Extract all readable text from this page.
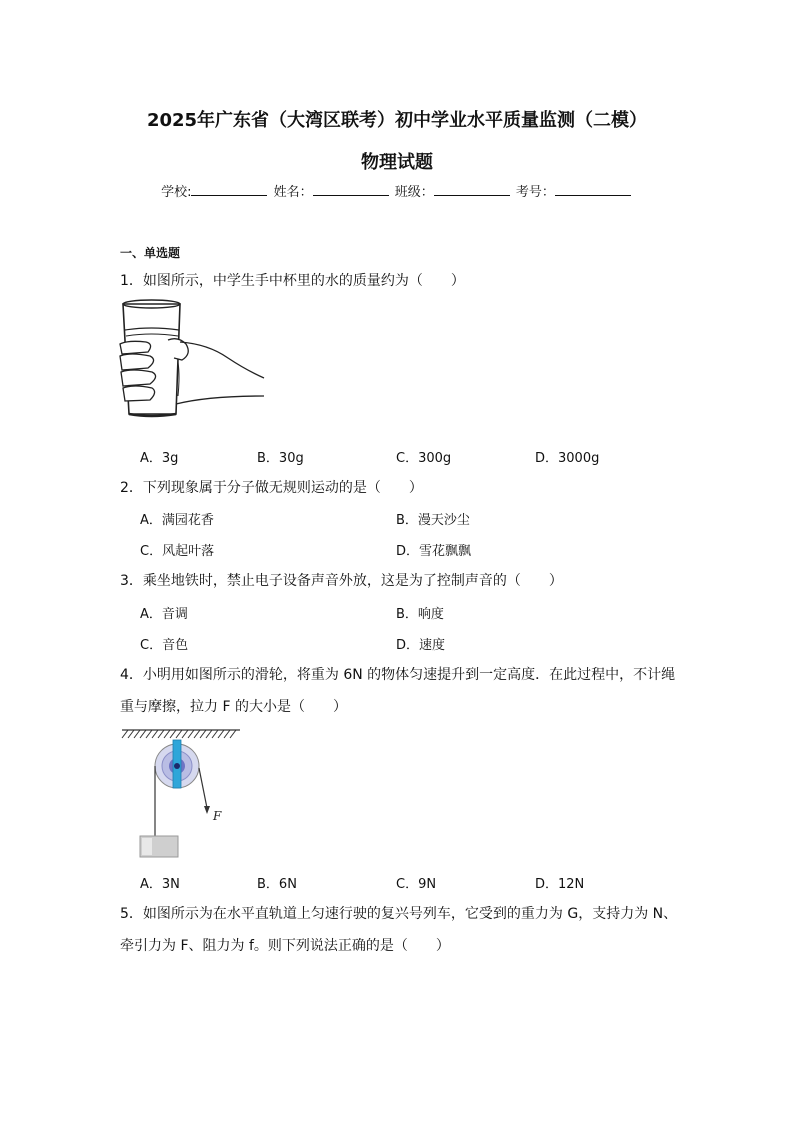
2025年广东省（大湾区联考）初中学业水平质量监测（二模）
物理试题
学校:	姓名：	班级：	考号：
一、单选题
1．如图所示，中学生手中杯里的水的质量约为（　　）
A．3g	B．30g	C．300g	D．3000g
2．下列现象属于分子做无规则运动的是（　　）
A．满园花香	B．漫天沙尘
C．风起叶落	D．雪花飘飘
3．乘坐地铁时，禁止电子设备声音外放，这是为了控制声音的（　　）
A．音调	B．响度
C．音色	D．速度
4．小明用如图所示的滑轮，将重为 6N 的物体匀速提升到一定高度．在此过程中，不计绳
重与摩擦，拉力 F 的大小是（　　）
F
A．3N	B．6N	C．9N	D．12N
5．如图所示为在水平直轨道上匀速行驶的复兴号列车，它受到的重力为 G，支持力为 N、
牵引力为 F、阻力为 f。则下列说法正确的是（　　）
